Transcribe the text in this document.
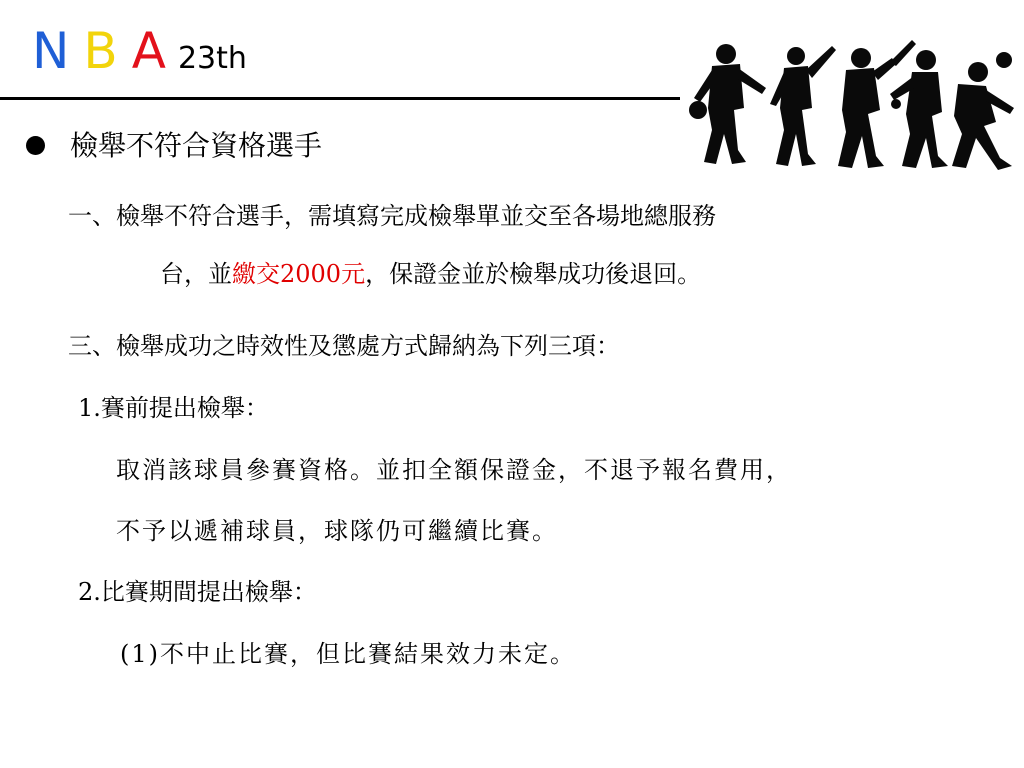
N B A 23th
檢舉不符合資格選手
一、檢舉不符合選手，需填寫完成檢舉單並交至各場地總服務
台，並繳交2000元，保證金並於檢舉成功後退回。
三、檢舉成功之時效性及懲處方式歸納為下列三項：
1.賽前提出檢舉：
取消該球員參賽資格。並扣全額保證金，不退予報名費用，
不予以遞補球員，球隊仍可繼續比賽。
2.比賽期間提出檢舉：
(1)不中止比賽，但比賽結果效力未定。
